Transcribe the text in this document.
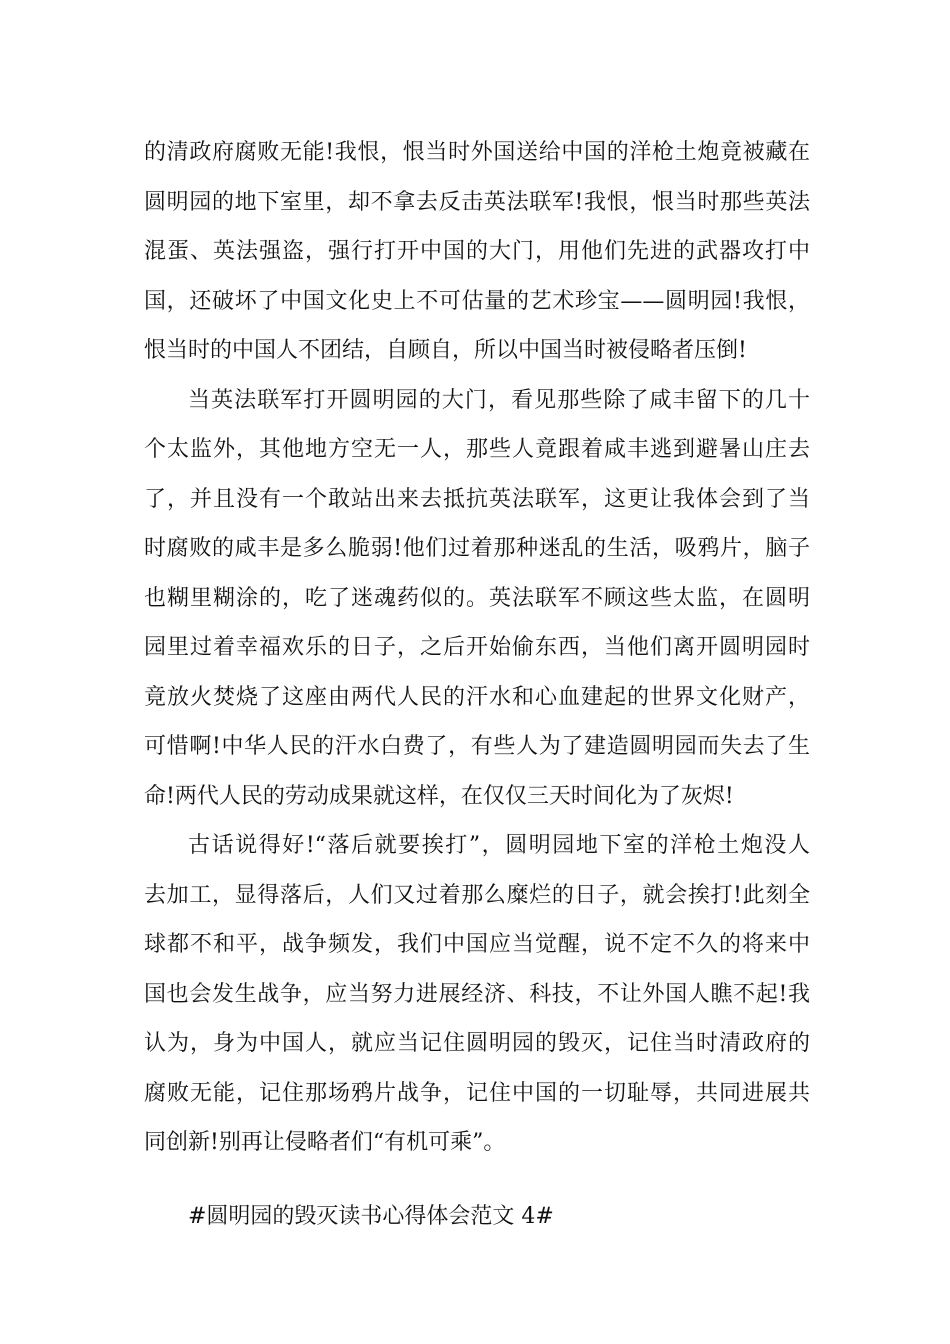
的清政府腐败无能!我恨，恨当时外国送给中国的洋枪土炮竟被藏在
圆明园的地下室里，却不拿去反击英法联军!我恨，恨当时那些英法
混蛋、英法强盗，强行打开中国的大门，用他们先进的武器攻打中
国，还破坏了中国文化史上不可估量的艺术珍宝——圆明园!我恨，
恨当时的中国人不团结，自顾自，所以中国当时被侵略者压倒!
当英法联军打开圆明园的大门，看见那些除了咸丰留下的几十
个太监外，其他地方空无一人，那些人竟跟着咸丰逃到避暑山庄去
了，并且没有一个敢站出来去抵抗英法联军，这更让我体会到了当
时腐败的咸丰是多么脆弱!他们过着那种迷乱的生活，吸鸦片，脑子
也糊里糊涂的，吃了迷魂药似的。英法联军不顾这些太监，在圆明
园里过着幸福欢乐的日子，之后开始偷东西，当他们离开圆明园时
竟放火焚烧了这座由两代人民的汗水和心血建起的世界文化财产，
可惜啊!中华人民的汗水白费了，有些人为了建造圆明园而失去了生
命!两代人民的劳动成果就这样，在仅仅三天时间化为了灰烬!
古话说得好!“落后就要挨打”，圆明园地下室的洋枪土炮没人
去加工，显得落后，人们又过着那么糜烂的日子，就会挨打!此刻全
球都不和平，战争频发，我们中国应当觉醒，说不定不久的将来中
国也会发生战争，应当努力进展经济、科技，不让外国人瞧不起!我
认为，身为中国人，就应当记住圆明园的毁灭，记住当时清政府的
腐败无能，记住那场鸦片战争，记住中国的一切耻辱，共同进展共
同创新!别再让侵略者们“有机可乘”。
#圆明园的毁灭读书心得体会范文 4#
